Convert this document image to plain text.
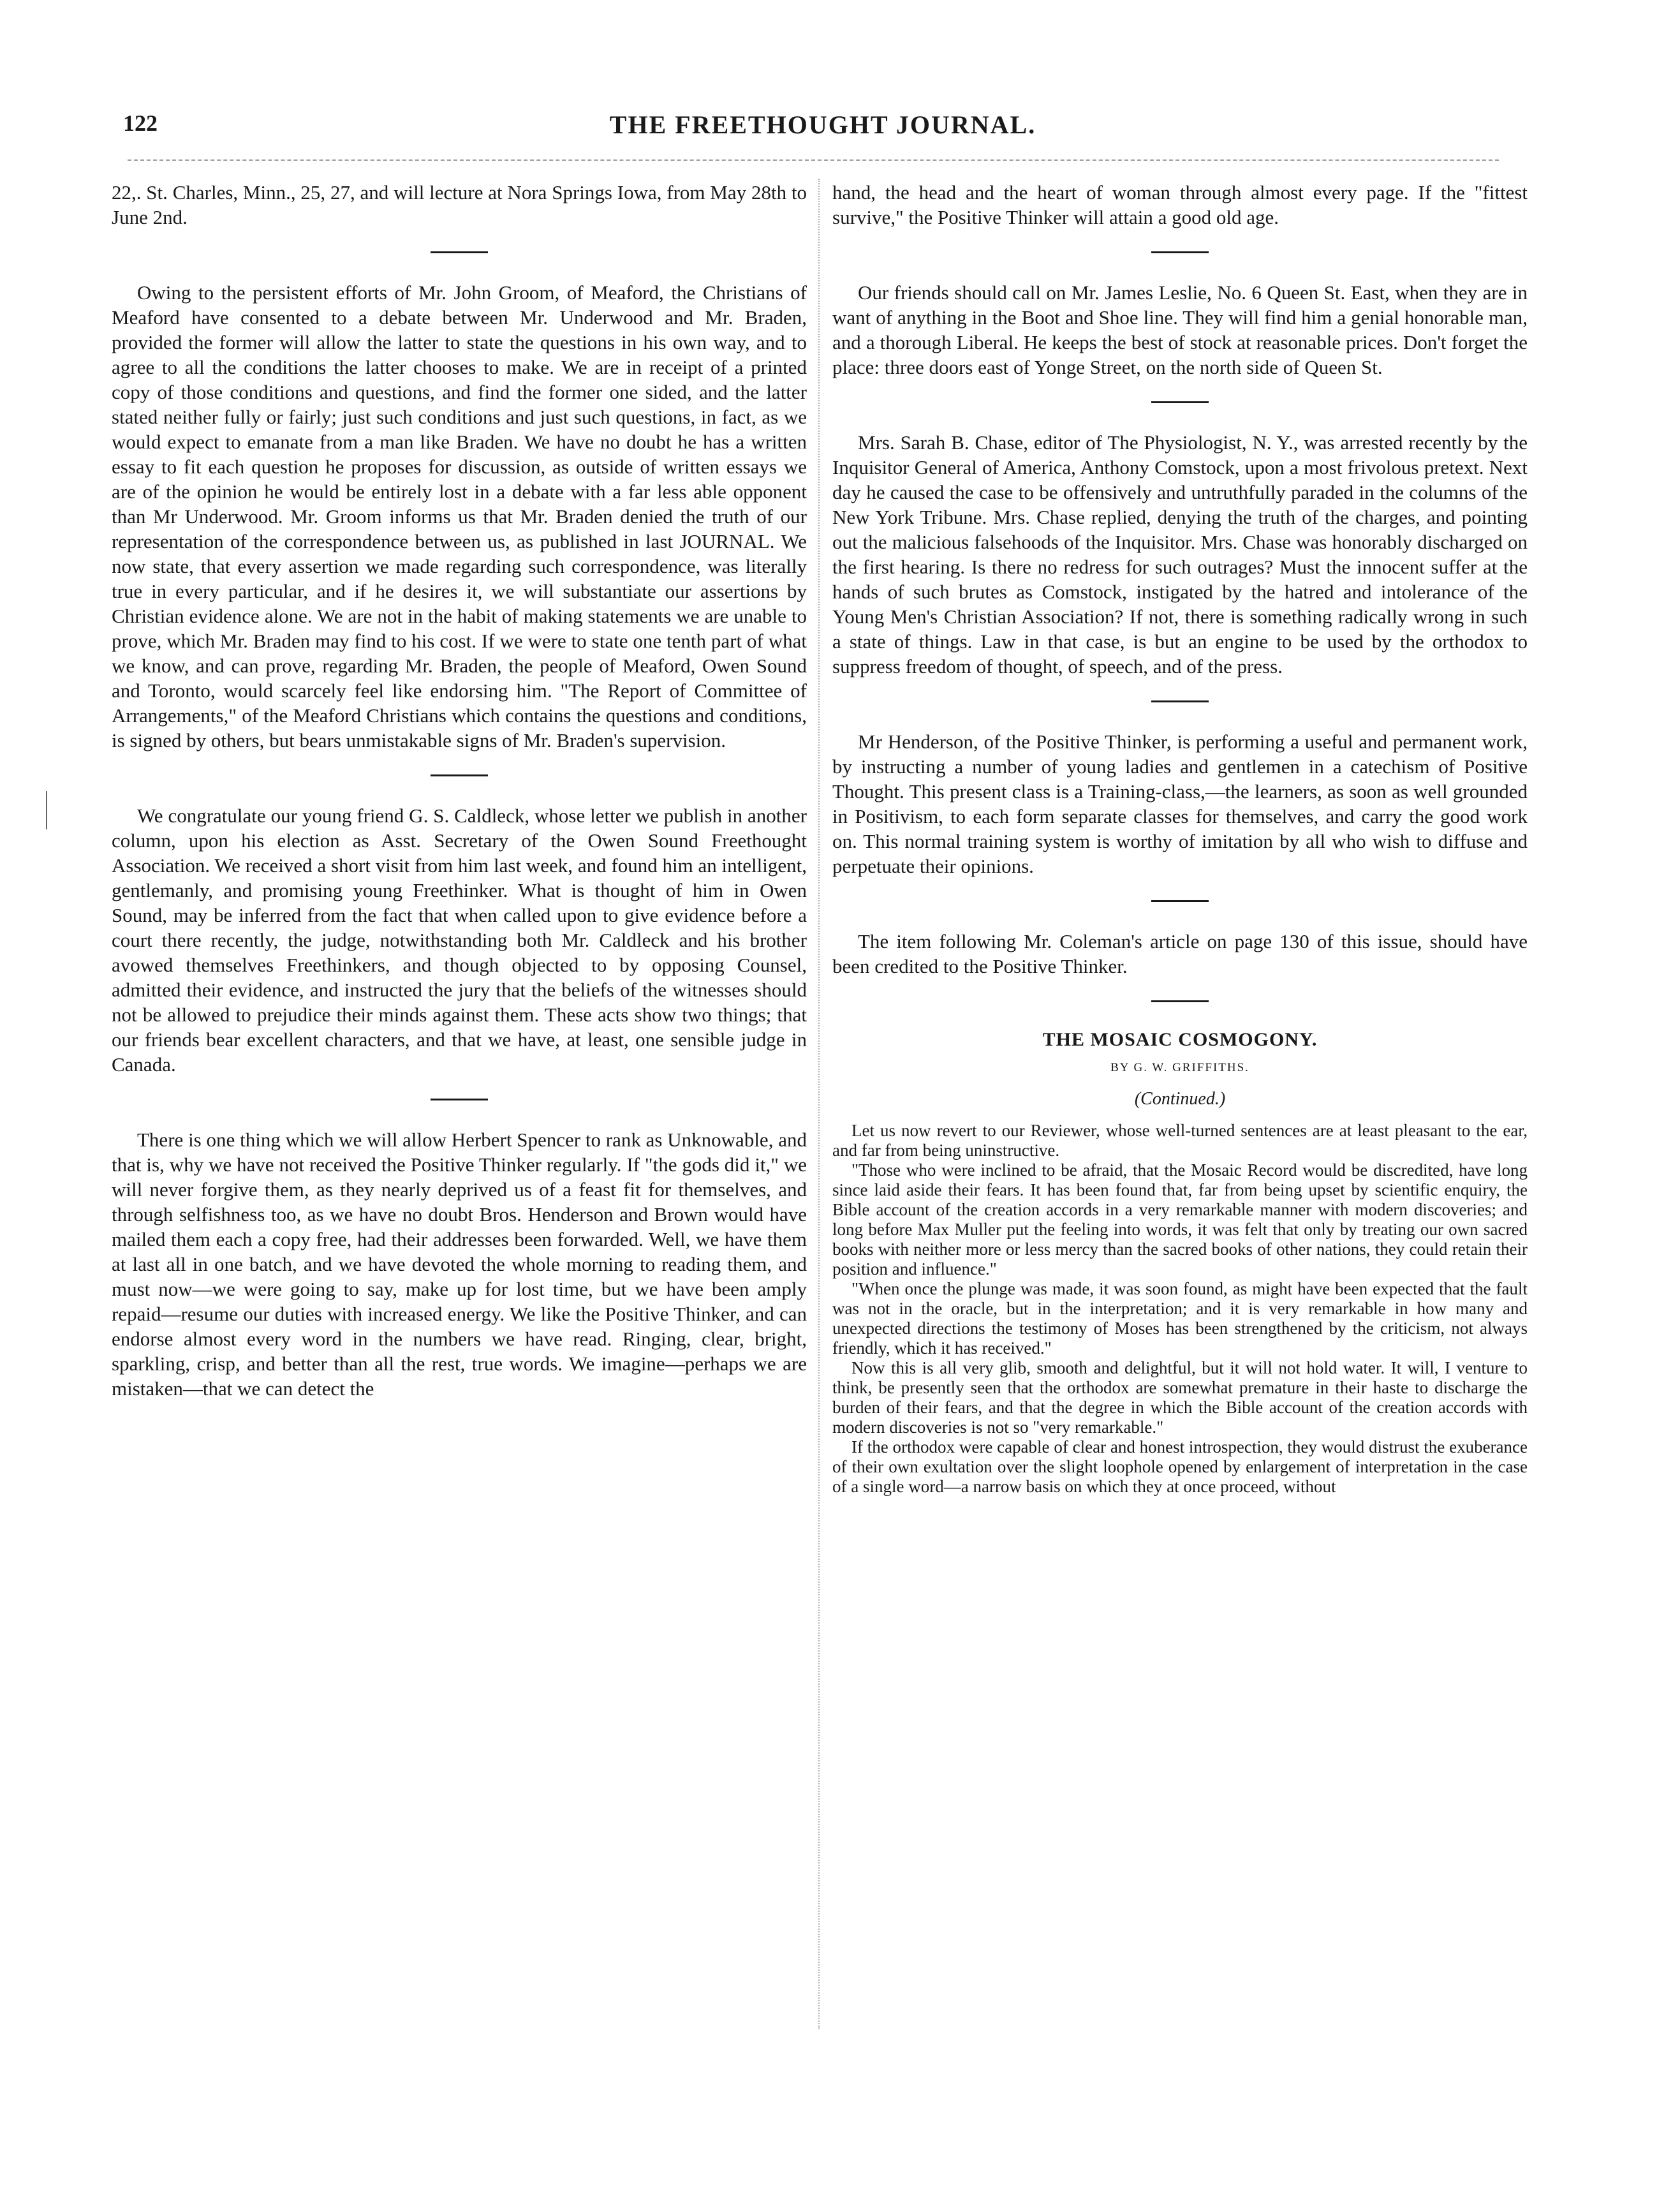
122	THE FREETHOUGHT JOURNAL.

22,. St. Charles, Minn., 25, 27, and will lecture at Nora Springs Iowa, from May 28th to June 2nd.

Owing to the persistent efforts of Mr. John Groom, of Meaford, the Christians of Meaford have consented to a debate between Mr. Underwood and Mr. Braden, provided the former will allow the latter to state the questions in his own way, and to agree to all the conditions the latter chooses to make. We are in receipt of a printed copy of those conditions and questions, and find the former one sided, and the latter stated neither fully or fairly; just such conditions and just such questions, in fact, as we would expect to emanate from a man like Braden. We have no doubt he has a written essay to fit each question he proposes for discussion, as outside of written essays we are of the opinion he would be entirely lost in a debate with a far less able opponent than Mr Underwood. Mr. Groom informs us that Mr. Braden denied the truth of our representation of the correspondence between us, as published in last JOURNAL. We now state, that every assertion we made regarding such correspondence, was literally true in every particular, and if he desires it, we will substantiate our assertions by Christian evidence alone. We are not in the habit of making statements we are unable to prove, which Mr. Braden may find to his cost. If we were to state one tenth part of what we know, and can prove, regarding Mr. Braden, the people of Meaford, Owen Sound and Toronto, would scarcely feel like endorsing him. "The Report of Committee of Arrangements," of the Meaford Christians which contains the questions and conditions, is signed by others, but bears unmistakable signs of Mr. Braden's supervision.

We congratulate our young friend G. S. Caldleck, whose letter we publish in another column, upon his election as Asst. Secretary of the Owen Sound Freethought Association. We received a short visit from him last week, and found him an intelligent, gentlemanly, and promising young Freethinker. What is thought of him in Owen Sound, may be inferred from the fact that when called upon to give evidence before a court there recently, the judge, notwithstanding both Mr. Caldleck and his brother avowed themselves Freethinkers, and though objected to by opposing Counsel, admitted their evidence, and instructed the jury that the beliefs of the witnesses should not be allowed to prejudice their minds against them. These acts show two things; that our friends bear excellent characters, and that we have, at least, one sensible judge in Canada.

There is one thing which we will allow Herbert Spencer to rank as Unknowable, and that is, why we have not received the Positive Thinker regularly. If "the gods did it," we will never forgive them, as they nearly deprived us of a feast fit for themselves, and through selfishness too, as we have no doubt Bros. Henderson and Brown would have mailed them each a copy free, had their addresses been forwarded. Well, we have them at last all in one batch, and we have devoted the whole morning to reading them, and must now—we were going to say, make up for lost time, but we have been amply repaid—resume our duties with increased energy. We like the Positive Thinker, and can endorse almost every word in the numbers we have read. Ringing, clear, bright, sparkling, crisp, and better than all the rest, true words. We imagine—perhaps we are mistaken—that we can detect the

hand, the head and the heart of woman through almost every page. If the "fittest survive," the Positive Thinker will attain a good old age.

Our friends should call on Mr. James Leslie, No. 6 Queen St. East, when they are in want of anything in the Boot and Shoe line. They will find him a genial honorable man, and a thorough Liberal. He keeps the best of stock at reasonable prices. Don't forget the place: three doors east of Yonge Street, on the north side of Queen St.

Mrs. Sarah B. Chase, editor of The Physiologist, N. Y., was arrested recently by the Inquisitor General of America, Anthony Comstock, upon a most frivolous pretext. Next day he caused the case to be offensively and untruthfully paraded in the columns of the New York Tribune. Mrs. Chase replied, denying the truth of the charges, and pointing out the malicious falsehoods of the Inquisitor. Mrs. Chase was honorably discharged on the first hearing. Is there no redress for such outrages? Must the innocent suffer at the hands of such brutes as Comstock, instigated by the hatred and intolerance of the Young Men's Christian Association? If not, there is something radically wrong in such a state of things. Law in that case, is but an engine to be used by the orthodox to suppress freedom of thought, of speech, and of the press.

Mr Henderson, of the Positive Thinker, is performing a useful and permanent work, by instructing a number of young ladies and gentlemen in a catechism of Positive Thought. This present class is a Training-class,—the learners, as soon as well grounded in Positivism, to each form separate classes for themselves, and carry the good work on. This normal training system is worthy of imitation by all who wish to diffuse and perpetuate their opinions.

The item following Mr. Coleman's article on page 130 of this issue, should have been credited to the Positive Thinker.

THE MOSAIC COSMOGONY.
BY G. W. GRIFFITHS.
(Continued.)

Let us now revert to our Reviewer, whose well-turned sentences are at least pleasant to the ear, and far from being uninstructive.

"Those who were inclined to be afraid, that the Mosaic Record would be discredited, have long since laid aside their fears. It has been found that, far from being upset by scientific enquiry, the Bible account of the creation accords in a very remarkable manner with modern discoveries; and long before Max Muller put the feeling into words, it was felt that only by treating our own sacred books with neither more or less mercy than the sacred books of other nations, they could retain their position and influence."

"When once the plunge was made, it was soon found, as might have been expected that the fault was not in the oracle, but in the interpretation; and it is very remarkable in how many and unexpected directions the testimony of Moses has been strengthened by the criticism, not always friendly, which it has received."

Now this is all very glib, smooth and delightful, but it will not hold water. It will, I venture to think, be presently seen that the orthodox are somewhat premature in their haste to discharge the burden of their fears, and that the degree in which the Bible account of the creation accords with modern discoveries is not so "very remarkable."

If the orthodox were capable of clear and honest introspection, they would distrust the exuberance of their own exultation over the slight loophole opened by enlargement of interpretation in the case of a single word—a narrow basis on which they at once proceed, without
